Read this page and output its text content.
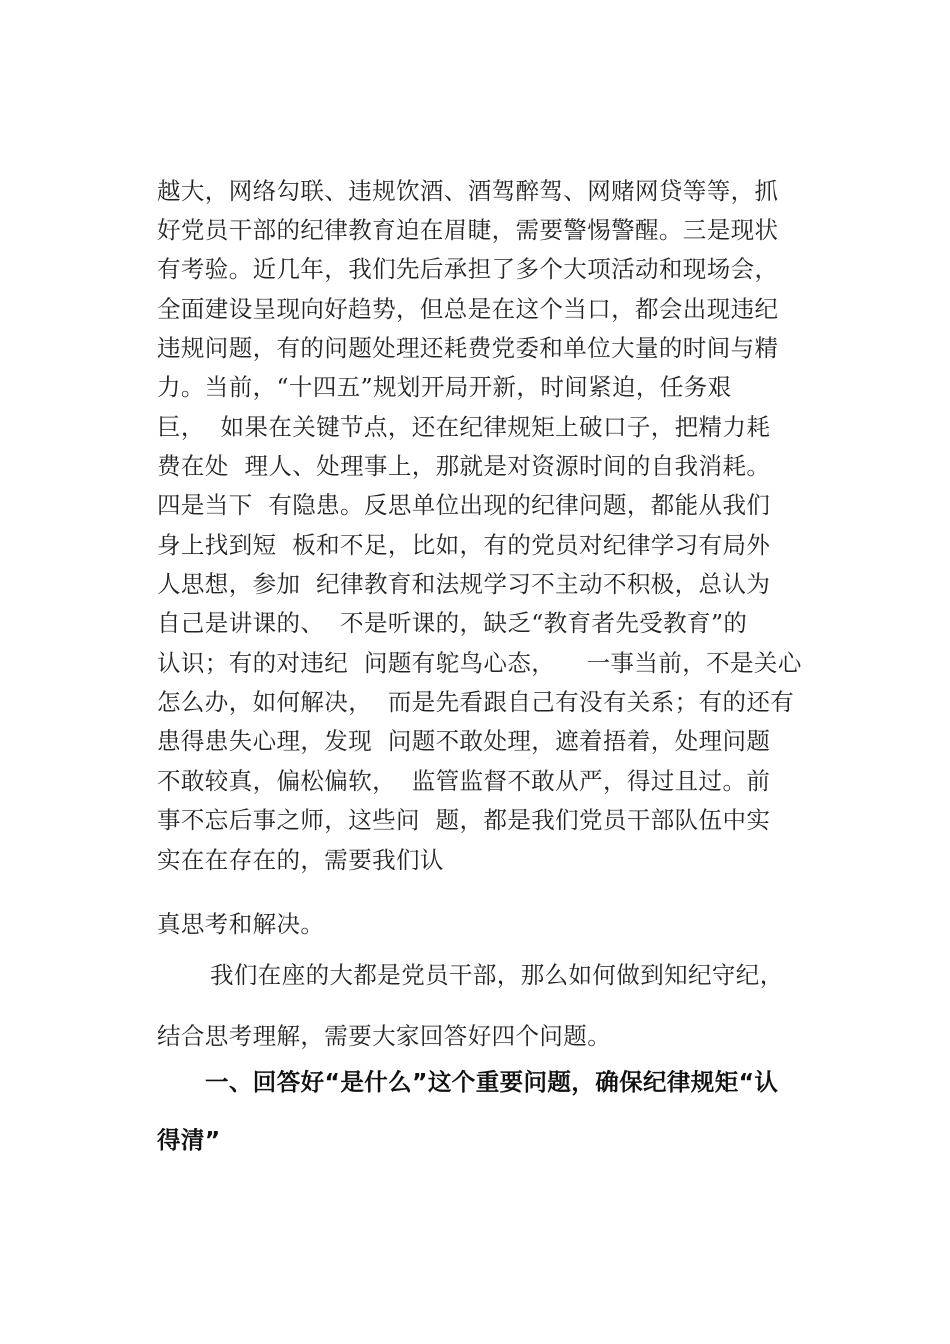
越大，网络勾联、违规饮酒、酒驾醉驾、网赌网贷等等，抓
好党员干部的纪律教育迫在眉睫，需要警惕警醒。三是现状
有考验。近几年，我们先后承担了多个大项活动和现场会，
全面建设呈现向好趋势，但总是在这个当口，都会出现违纪
违规问题，有的问题处理还耗费党委和单位大量的时间与精
力。当前，“十四五”规划开局开新，时间紧迫，任务艰
巨，  如果在关键节点，还在纪律规矩上破口子，把精力耗
费在处  理人、处理事上，那就是对资源时间的自我消耗。
四是当下  有隐患。反思单位出现的纪律问题，都能从我们
身上找到短  板和不足，比如，有的党员对纪律学习有局外
人思想，参加  纪律教育和法规学习不主动不积极，总认为
自己是讲课的、  不是听课的，缺乏“教育者先受教育”的
认识；有的对违纪  问题有鸵鸟心态，    一事当前，不是关心
怎么办，如何解决，  而是先看跟自己有没有关系；有的还有
患得患失心理，发现  问题不敢处理，遮着捂着，处理问题
不敢较真，偏松偏软，  监管监督不敢从严，得过且过。前
事不忘后事之师，这些问  题，都是我们党员干部队伍中实
实在在存在的，需要我们认
真思考和解决。
我们在座的大都是党员干部，那么如何做到知纪守纪，
结合思考理解，需要大家回答好四个问题。
一、回答好“是什么”这个重要问题，确保纪律规矩“认
得清”
